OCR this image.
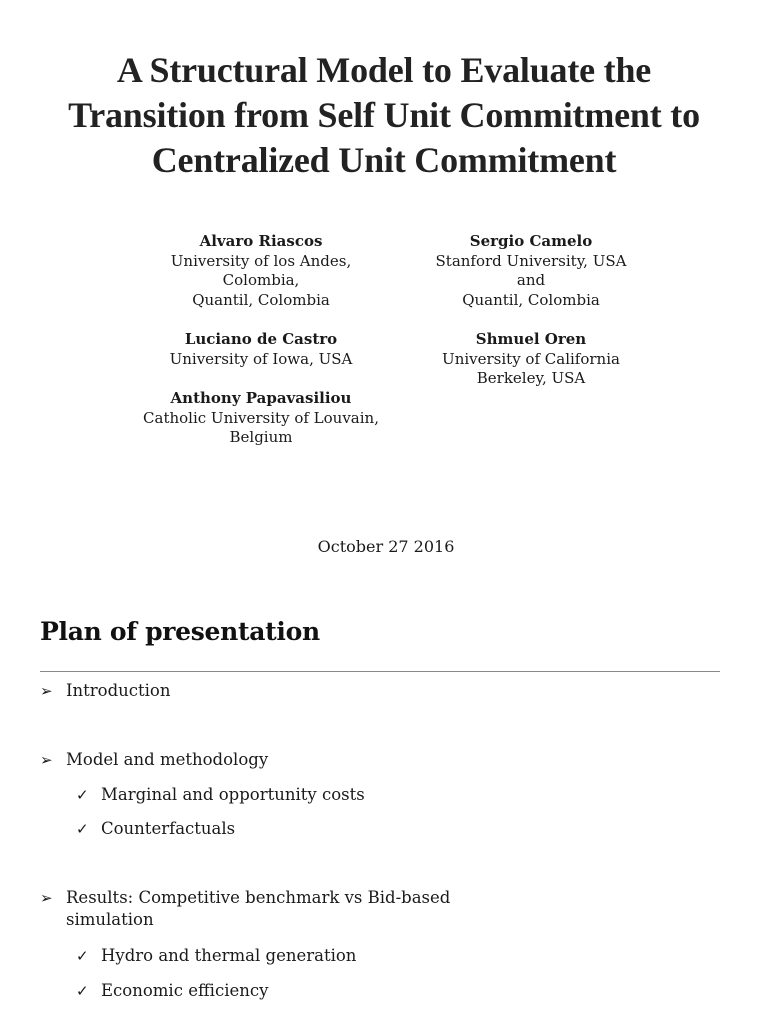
A Structural Model to Evaluate the
Transition from Self Unit Commitment to
Centralized Unit Commitment
Alvaro Riascos
University of los Andes,
Colombia,
Quantil, Colombia
Sergio Camelo
Stanford University, USA
and
Quantil, Colombia
Luciano de Castro
University of Iowa, USA
Shmuel Oren
University of California
Berkeley, USA
Anthony Papavasiliou
Catholic University of Louvain,
Belgium
October 27 2016
Plan of presentation
➢ Introduction
➢ Model and methodology
✓ Marginal and opportunity costs
✓ Counterfactuals
➢ Results: Competitive benchmark vs Bid-based simulation
✓ Hydro and thermal generation
✓ Economic efficiency
